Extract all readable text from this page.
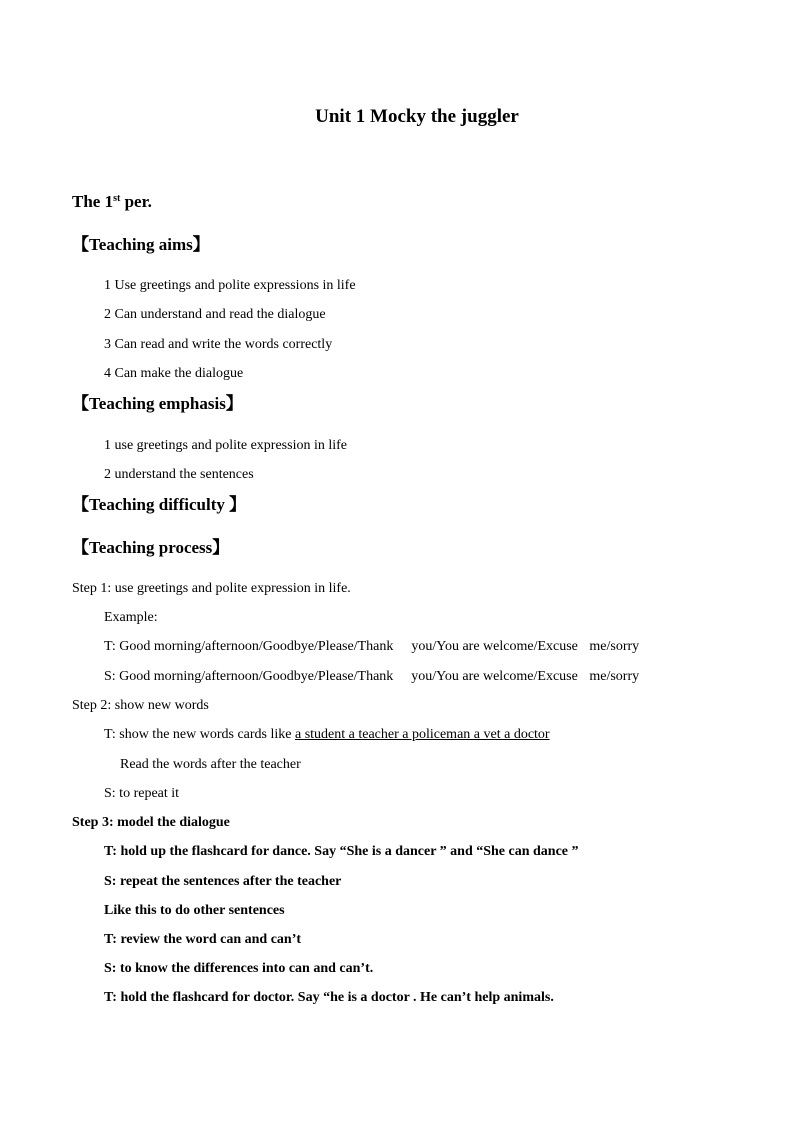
Unit 1 Mocky the juggler
The 1st per.
【Teaching aims】
1 Use greetings and polite expressions in life
2 Can understand and read the dialogue
3 Can read and write the words correctly
4 Can make the dialogue
【Teaching emphasis】
1 use greetings and polite expression in life
2 understand the sentences
【Teaching difficulty 】
【Teaching process】
Step 1: use greetings and polite expression in life.
Example:
T: Good morning/afternoon/Goodbye/Please/Thank you/You are welcome/Excuse me/sorry
S: Good morning/afternoon/Goodbye/Please/Thank you/You are welcome/Excuse me/sorry
Step 2: show new words
T: show the new words cards like a student a teacher a policeman a vet a doctor
Read the words after the teacher
S: to repeat it
Step 3: model the dialogue
T: hold up the flashcard for dance. Say “She is a dancer ” and “She can dance ”
S: repeat the sentences after the teacher
Like this to do other sentences
T: review the word can and can’t
S: to know the differences into can and can’t.
T: hold the flashcard for doctor. Say “he is a doctor . He can’t help animals.
